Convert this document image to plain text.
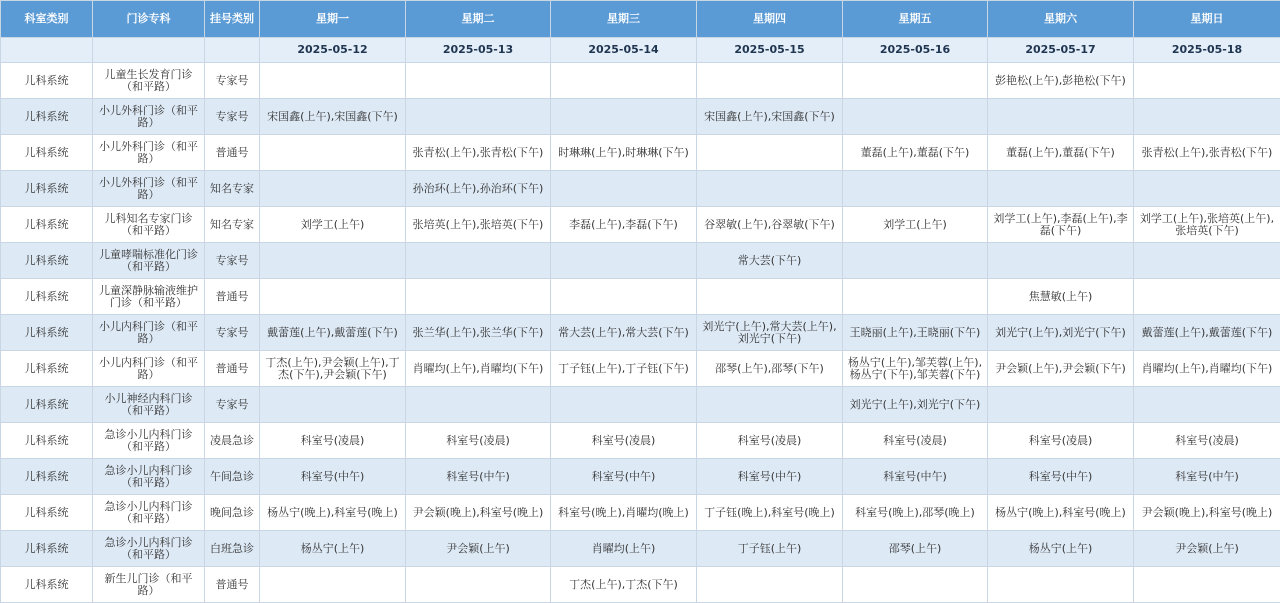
科室类别	门诊专科	挂号类别	星期一	星期二	星期三	星期四	星期五	星期六	星期日
			2025-05-12	2025-05-13	2025-05-14	2025-05-15	2025-05-16	2025-05-17	2025-05-18
儿科系统	儿童生长发育门诊（和平路）	专家号						彭艳松(上午),彭艳松(下午)	
儿科系统	小儿外科门诊（和平路）	专家号	宋国鑫(上午),宋国鑫(下午)			宋国鑫(上午),宋国鑫(下午)			
儿科系统	小儿外科门诊（和平路）	普通号		张青松(上午),张青松(下午)	时琳琳(上午),时琳琳(下午)		董磊(上午),董磊(下午)	董磊(上午),董磊(下午)	张青松(上午),张青松(下午)
儿科系统	小儿外科门诊（和平路）	知名专家		孙治环(上午),孙治环(下午)					
儿科系统	儿科知名专家门诊（和平路）	知名专家	刘学工(上午)	张培英(上午),张培英(下午)	李磊(上午),李磊(下午)	谷翠敏(上午),谷翠敏(下午)	刘学工(上午)	刘学工(上午),李磊(上午),李磊(下午)	刘学工(上午),张培英(上午),张培英(下午)
儿科系统	儿童哮喘标准化门诊（和平路）	专家号				常大芸(下午)			
儿科系统	儿童深静脉输液维护门诊（和平路）	普通号						焦慧敏(上午)	
儿科系统	小儿内科门诊（和平路）	专家号	戴蕾莲(上午),戴蕾莲(下午)	张兰华(上午),张兰华(下午)	常大芸(上午),常大芸(下午)	刘光宁(上午),常大芸(上午),刘光宁(下午)	王晓丽(上午),王晓丽(下午)	刘光宁(上午),刘光宁(下午)	戴蕾莲(上午),戴蕾莲(下午)
儿科系统	小儿内科门诊（和平路）	普通号	丁杰(上午),尹会颖(上午),丁杰(下午),尹会颖(下午)	肖曜均(上午),肖曜均(下午)	丁子钰(上午),丁子钰(下午)	邵琴(上午),邵琴(下午)	杨丛宁(上午),邹芙蓉(上午),杨丛宁(下午),邹芙蓉(下午)	尹会颖(上午),尹会颖(下午)	肖曜均(上午),肖曜均(下午)
儿科系统	小儿神经内科门诊（和平路）	专家号					刘光宁(上午),刘光宁(下午)		
儿科系统	急诊小儿内科门诊（和平路）	凌晨急诊	科室号(凌晨)	科室号(凌晨)	科室号(凌晨)	科室号(凌晨)	科室号(凌晨)	科室号(凌晨)	科室号(凌晨)
儿科系统	急诊小儿内科门诊（和平路）	午间急诊	科室号(中午)	科室号(中午)	科室号(中午)	科室号(中午)	科室号(中午)	科室号(中午)	科室号(中午)
儿科系统	急诊小儿内科门诊（和平路）	晚间急诊	杨丛宁(晚上),科室号(晚上)	尹会颖(晚上),科室号(晚上)	科室号(晚上),肖曜均(晚上)	丁子钰(晚上),科室号(晚上)	科室号(晚上),邵琴(晚上)	杨丛宁(晚上),科室号(晚上)	尹会颖(晚上),科室号(晚上)
儿科系统	急诊小儿内科门诊（和平路）	白班急诊	杨丛宁(上午)	尹会颖(上午)	肖曜均(上午)	丁子钰(上午)	邵琴(上午)	杨丛宁(上午)	尹会颖(上午)
儿科系统	新生儿门诊（和平路）	普通号			丁杰(上午),丁杰(下午)				
